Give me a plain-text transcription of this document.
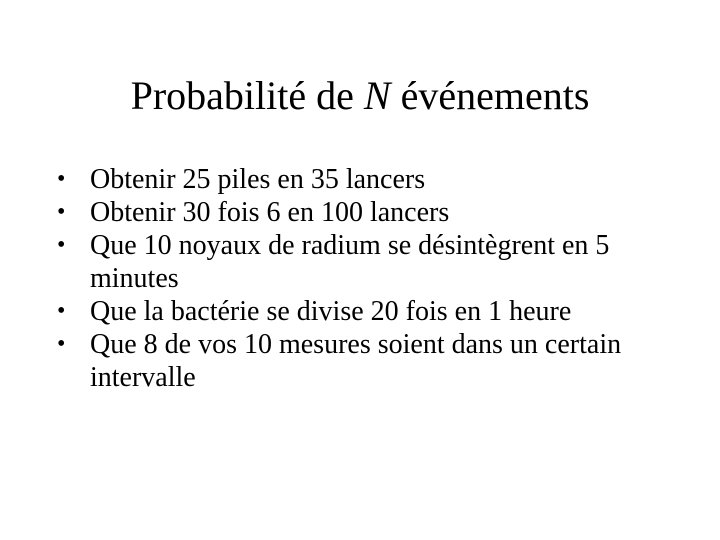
Probabilité de N événements
• Obtenir 25 piles en 35 lancers
• Obtenir 30 fois 6 en 100 lancers
• Que 10 noyaux de radium se désintègrent en 5 minutes
• Que la bactérie se divise 20 fois en 1 heure
• Que 8 de vos 10 mesures soient dans un certain intervalle
